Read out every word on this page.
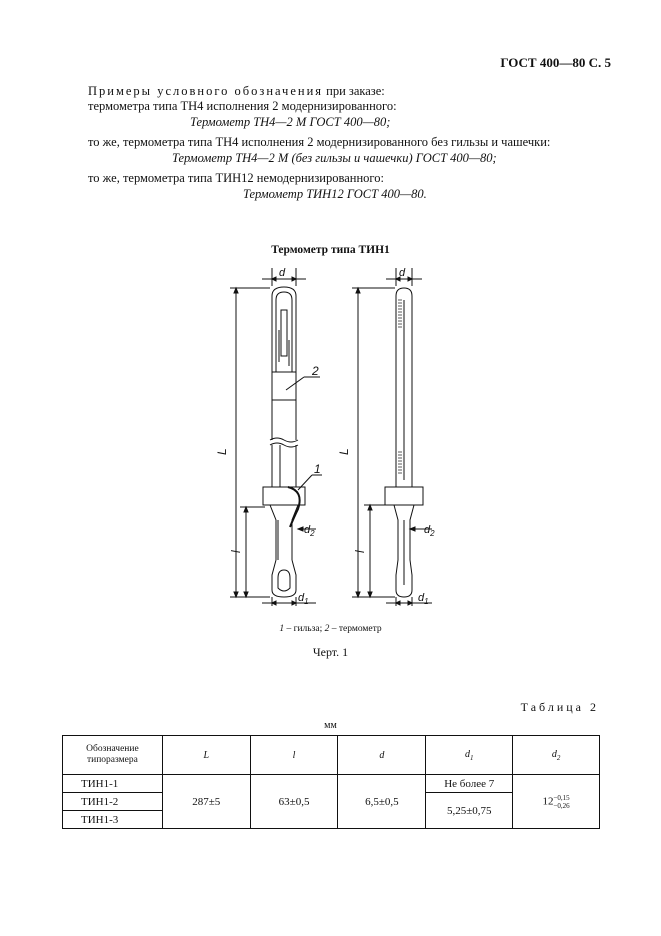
ГОСТ 400—80 С. 5
Примеры условного обозначения при заказе:
термометра типа ТН4 исполнения 2 модернизированного:
Термометр ТН4—2 М ГОСТ 400—80;
то же, термометра типа ТН4 исполнения 2 модернизированного без гильзы и чашечки:
Термометр ТН4—2 М (без гильзы и чашечки) ГОСТ 400—80;
то же, термометра типа ТИН12 немодернизированного:
Термометр ТИН12 ГОСТ 400—80.
Термометр типа ТИН1
d
L
l
$d_2$
$d_1$
2
1
d
L
l
$d_2$
$d_1$
1 – гильза; 2 – термометр
Черт. 1
Таблица 2
мм
Обозначение типоразмера	L	l	d	$d_1$	$d_2$
ТИН1-1	287±5	63±0,5	6,5±0,5	Не более 7	12−0,15
−0,26
ТИН1-2				5,25±0,75	
ТИН1-3					
